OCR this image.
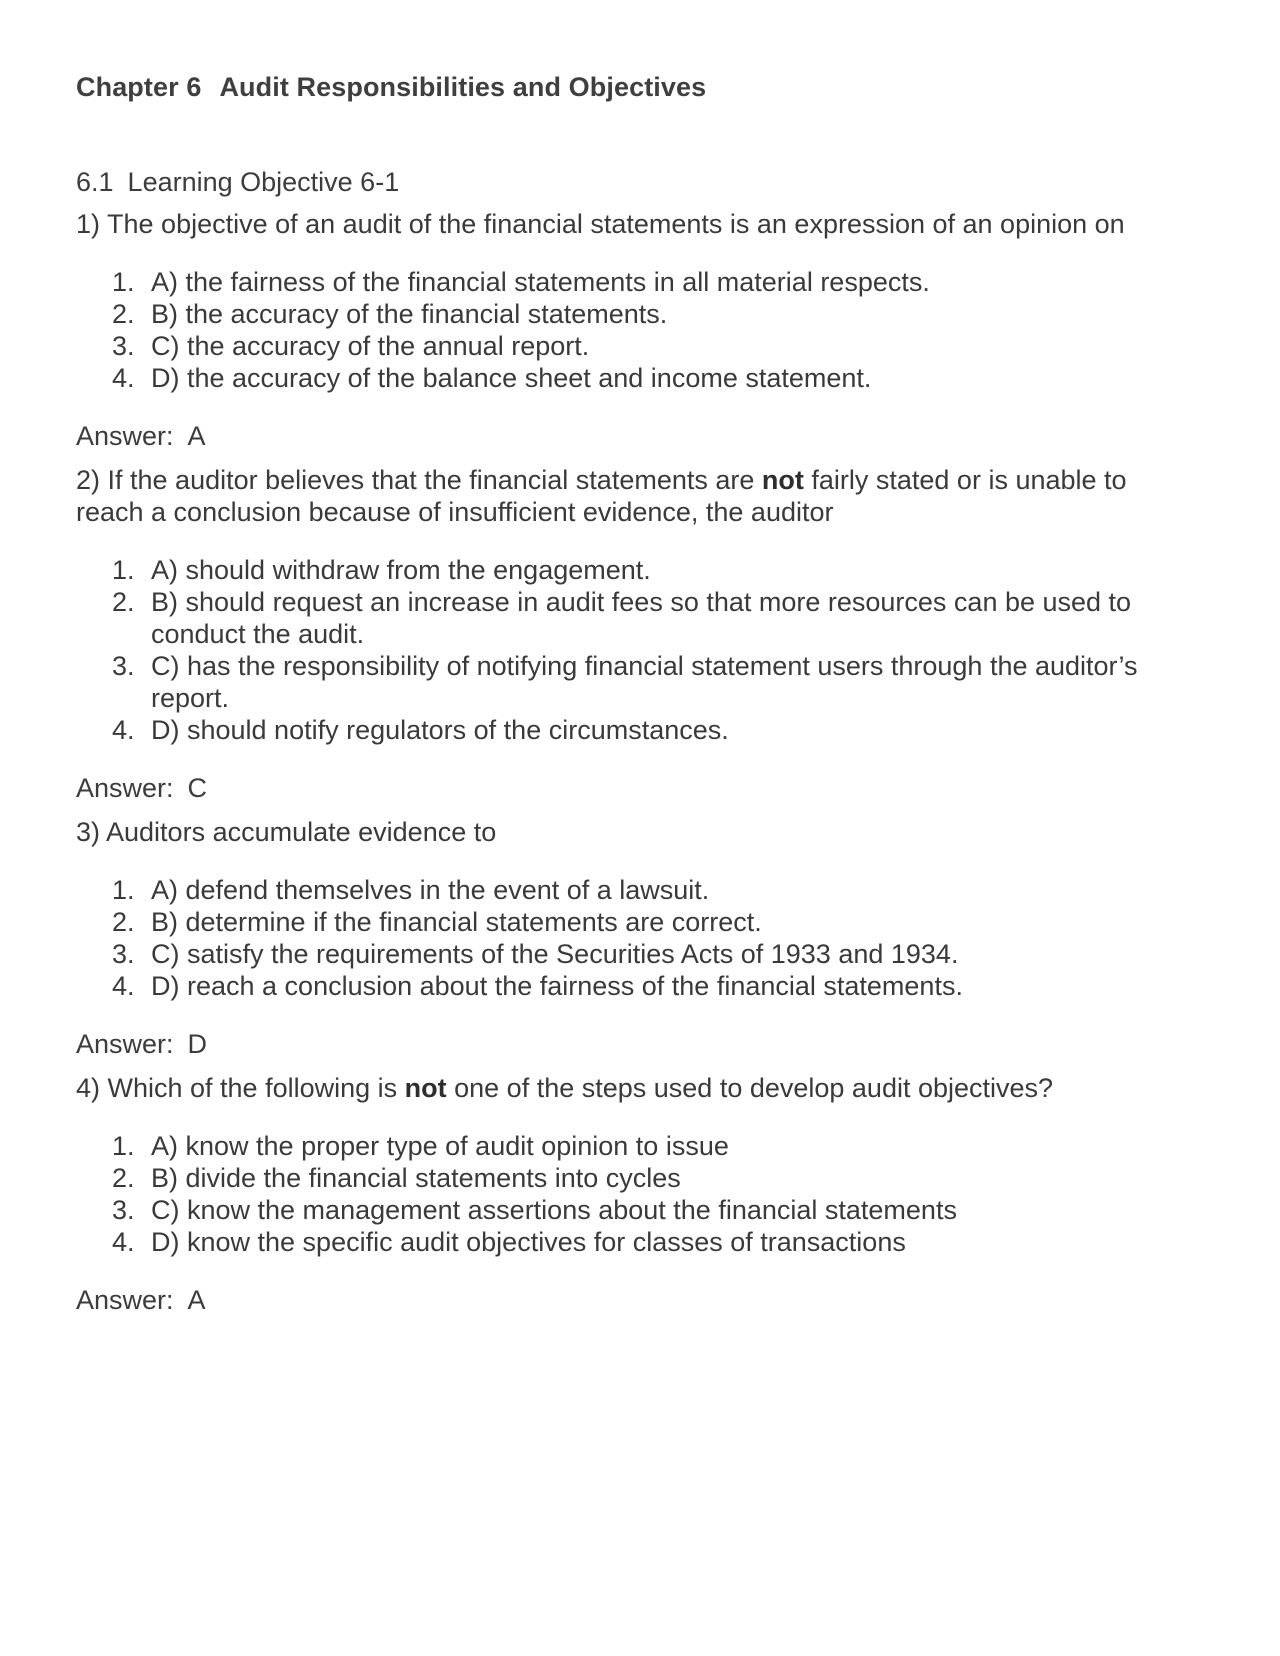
Chapter 6 Audit Responsibilities and Objectives
6.1 Learning Objective 6-1

1) The objective of an audit of the financial statements is an expression of an opinion on

1. A) the fairness of the financial statements in all material respects.
2. B) the accuracy of the financial statements.
3. C) the accuracy of the annual report.
4. D) the accuracy of the balance sheet and income statement.

Answer: A

2) If the auditor believes that the financial statements are not fairly stated or is unable to reach a conclusion because of insufficient evidence, the auditor

1. A) should withdraw from the engagement.
2. B) should request an increase in audit fees so that more resources can be used to conduct the audit.
3. C) has the responsibility of notifying financial statement users through the auditor’s report.
4. D) should notify regulators of the circumstances.

Answer: C

3) Auditors accumulate evidence to

1. A) defend themselves in the event of a lawsuit.
2. B) determine if the financial statements are correct.
3. C) satisfy the requirements of the Securities Acts of 1933 and 1934.
4. D) reach a conclusion about the fairness of the financial statements.

Answer: D

4) Which of the following is not one of the steps used to develop audit objectives?

1. A) know the proper type of audit opinion to issue
2. B) divide the financial statements into cycles
3. C) know the management assertions about the financial statements
4. D) know the specific audit objectives for classes of transactions

Answer: A
